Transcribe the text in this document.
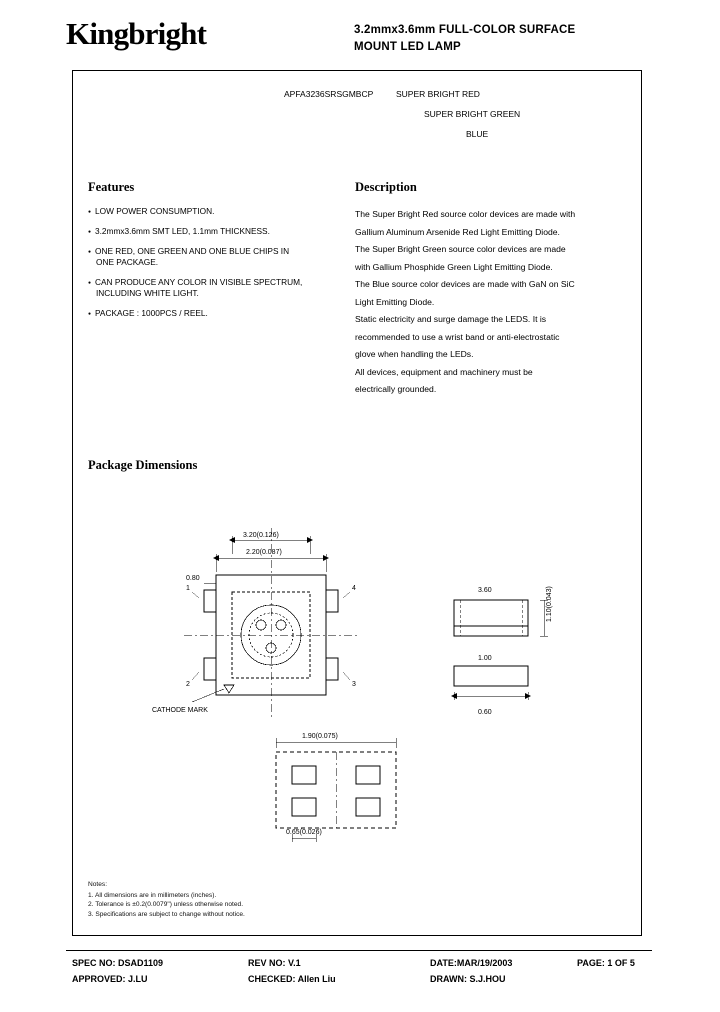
Kingbright	3.2mmx3.6mm FULL-COLOR SURFACE
MOUNT LED LAMP
APFA3236SRSGMBCP	SUPER BRIGHT RED
SUPER BRIGHT GREEN
BLUE
Features
● LOW POWER CONSUMPTION.
● 3.2mmx3.6mm SMT LED, 1.1mm THICKNESS.
● ONE RED, ONE GREEN AND ONE BLUE CHIPS IN
ONE PACKAGE.
● CAN PRODUCE ANY COLOR IN VISIBLE SPECTRUM,
INCLUDING WHITE LIGHT.
● PACKAGE : 1000PCS / REEL.
Description
The Super Bright Red source color devices are made with
Gallium Aluminum Arsenide Red Light Emitting Diode.
The Super Bright Green source color devices are made
with Gallium Phosphide Green Light Emitting Diode.
The Blue source color devices are made with GaN on SiC
Light Emitting Diode.
Static electricity and surge damage the LEDS. It is
recommended to use a wrist band or anti-electrostatic
glove when handling the LEDs.
All devices, equipment and machinery must be
electrically grounded.
Package Dimensions
3.20(0.126)
2.20(0.087)
0.80
1.10(0.043)
3.60
1.00
0.60
CATHODE MARK
1
2
4
3
0.65(0.026)
1.90(0.075)
Notes:
1. All dimensions are in millimeters (inches).
2. Tolerance is ±0.2(0.0079") unless otherwise noted.
3. Specifications are subject to change without notice.
SPEC NO: DSAD1109	REV NO: V.1	DATE:MAR/19/2003	PAGE: 1 OF 5
APPROVED: J.LU	CHECKED: Allen Liu	DRAWN: S.J.HOU
